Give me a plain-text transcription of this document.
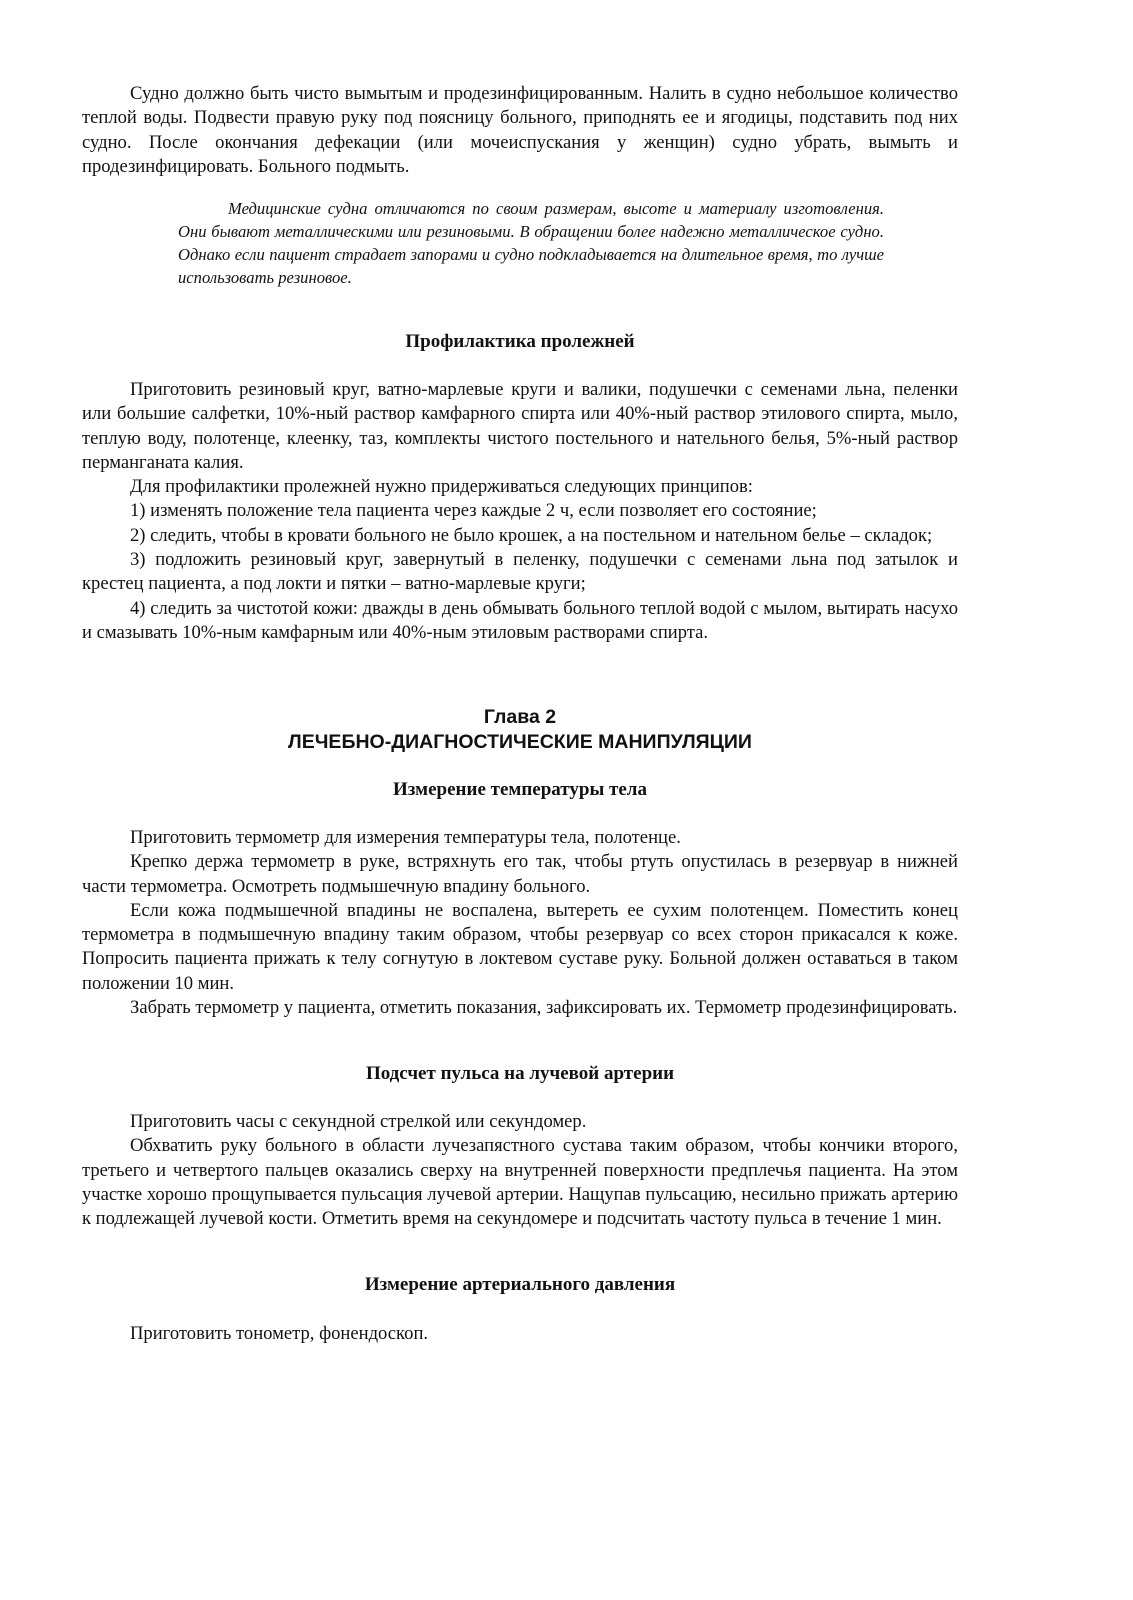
Судно должно быть чисто вымытым и продезинфицированным. Налить в судно небольшое количество теплой воды. Подвести правую руку под поясницу больного, приподнять ее и ягодицы, подставить под них судно. После окончания дефекации (или мочеиспускания у женщин) судно убрать, вымыть и продезинфицировать. Больного подмыть.

Медицинские судна отличаются по своим размерам, высоте и материалу изготовления. Они бывают металлическими или резиновыми. В обращении более надежно металлическое судно. Однако если пациент страдает запорами и судно подкладывается на длительное время, то лучше использовать резиновое.

Профилактика пролежней

Приготовить резиновый круг, ватно-марлевые круги и валики, подушечки с семенами льна, пеленки или большие салфетки, 10%-ный раствор камфарного спирта или 40%-ный раствор этилового спирта, мыло, теплую воду, полотенце, клеенку, таз, комплекты чистого постельного и нательного белья, 5%-ный раствор перманганата калия.

Для профилактики пролежней нужно придерживаться следующих принципов:

1) изменять положение тела пациента через каждые 2 ч, если позволяет его состояние;

2) следить, чтобы в кровати больного не было крошек, а на постельном и нательном белье – складок;

3) подложить резиновый круг, завернутый в пеленку, подушечки с семенами льна под затылок и крестец пациента, а под локти и пятки – ватно-марлевые круги;

4) следить за чистотой кожи: дважды в день обмывать больного теплой водой с мылом, вытирать насухо и смазывать 10%-ным камфарным или 40%-ным этиловым растворами спирта.

Глава 2
ЛЕЧЕБНО-ДИАГНОСТИЧЕСКИЕ МАНИПУЛЯЦИИ
Измерение температуры тела

Приготовить термометр для измерения температуры тела, полотенце.

Крепко держа термометр в руке, встряхнуть его так, чтобы ртуть опустилась в резервуар в нижней части термометра. Осмотреть подмышечную впадину больного.

Если кожа подмышечной впадины не воспалена, вытереть ее сухим полотенцем. Поместить конец термометра в подмышечную впадину таким образом, чтобы резервуар со всех сторон прикасался к коже. Попросить пациента прижать к телу согнутую в локтевом суставе руку. Больной должен оставаться в таком положении 10 мин.

Забрать термометр у пациента, отметить показания, зафиксировать их. Термометр продезинфицировать.

Подсчет пульса на лучевой артерии

Приготовить часы с секундной стрелкой или секундомер.

Обхватить руку больного в области лучезапястного сустава таким образом, чтобы кончики второго, третьего и четвертого пальцев оказались сверху на внутренней поверхности предплечья пациента. На этом участке хорошо прощупывается пульсация лучевой артерии. Нащупав пульсацию, несильно прижать артерию к подлежащей лучевой кости. Отметить время на секундомере и подсчитать частоту пульса в течение 1 мин.

Измерение артериального давления

Приготовить тонометр, фонендоскоп.
